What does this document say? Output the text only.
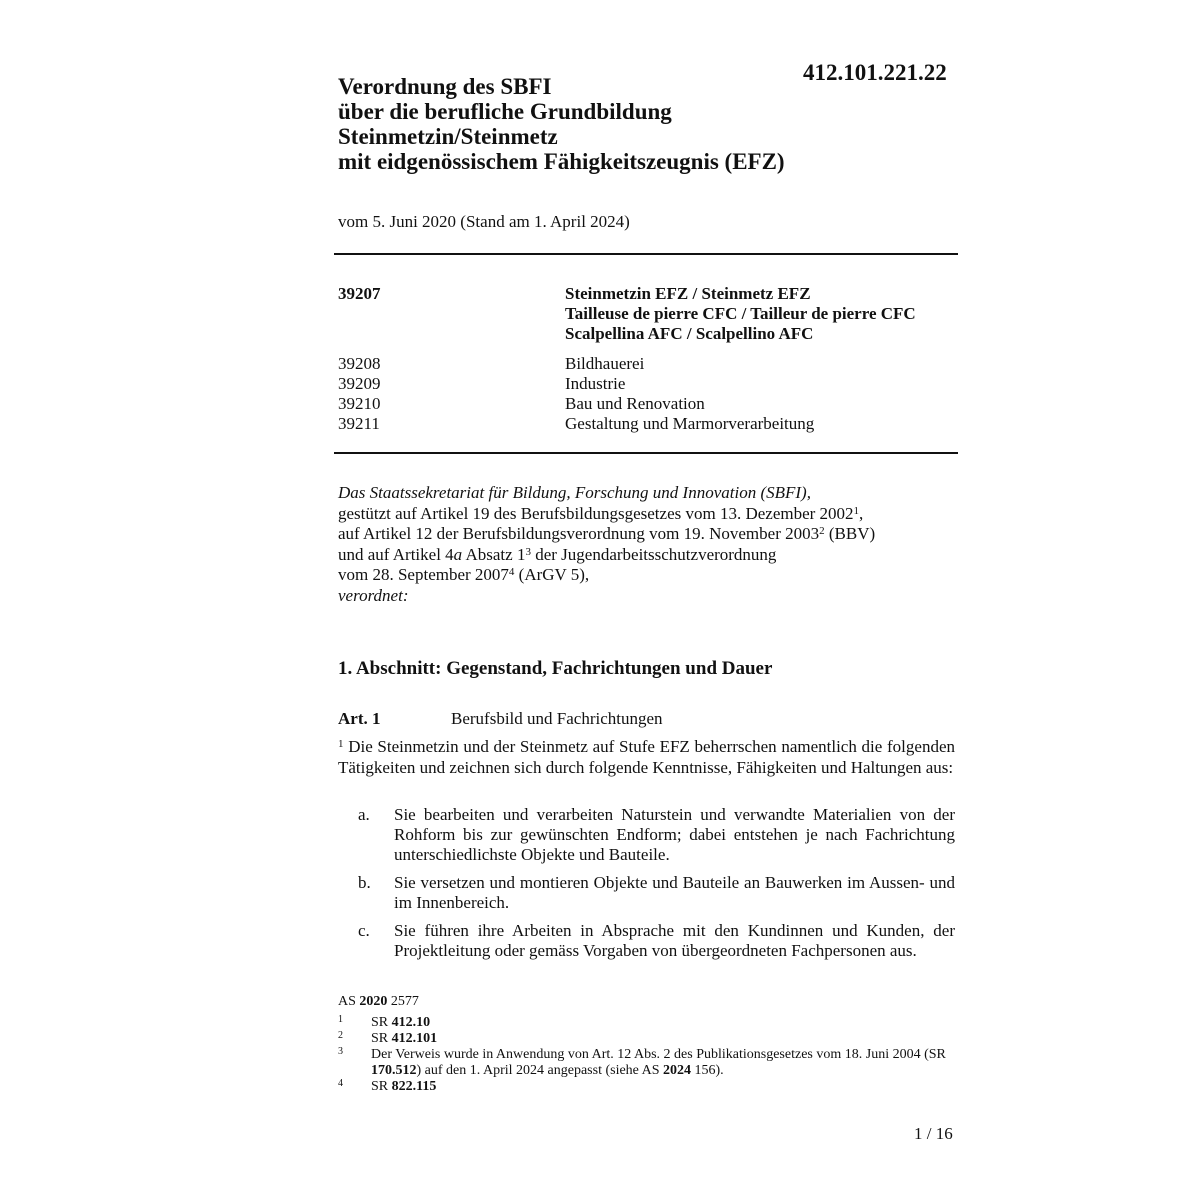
412.101.221.22
Verordnung des SBFI
über die berufliche Grundbildung
Steinmetzin/Steinmetz
mit eidgenössischem Fähigkeitszeugnis (EFZ)
vom 5. Juni 2020 (Stand am 1. April 2024)
39207	Steinmetzin EFZ / Steinmetz EFZ
Tailleuse de pierre CFC / Tailleur de pierre CFC
Scalpellina AFC / Scalpellino AFC
39208	Bildhauerei
39209	Industrie
39210	Bau und Renovation
39211	Gestaltung und Marmorverarbeitung
Das Staatssekretariat für Bildung, Forschung und Innovation (SBFI),
gestützt auf Artikel 19 des Berufsbildungsgesetzes vom 13. Dezember 2002$^1$,
auf Artikel 12 der Berufsbildungsverordnung vom 19. November 2003$^2$ (BBV)
und auf Artikel 4a Absatz $1^3$ der Jugendarbeitsschutzverordnung
vom 28. September 2007$^4$ (ArGV 5),
verordnet:
1. Abschnitt: Gegenstand, Fachrichtungen und Dauer
Art. 1	Berufsbild und Fachrichtungen
$^1$ Die Steinmetzin und der Steinmetz auf Stufe EFZ beherrschen namentlich die folgenden Tätigkeiten und zeichnen sich durch folgende Kenntnisse, Fähigkeiten und Haltungen aus:
a. Sie bearbeiten und verarbeiten Naturstein und verwandte Materialien von der Rohform bis zur gewünschten Endform; dabei entstehen je nach Fachrichtung unterschiedlichste Objekte und Bauteile.
b. Sie versetzen und montieren Objekte und Bauteile an Bauwerken im Aussen- und im Innenbereich.
c. Sie führen ihre Arbeiten in Absprache mit den Kundinnen und Kunden, der Projektleitung oder gemäss Vorgaben von übergeordneten Fachpersonen aus.
AS 2020 2577
1 SR 412.10
2 SR 412.101
3 Der Verweis wurde in Anwendung von Art. 12 Abs. 2 des Publikationsgesetzes vom 18. Juni 2004 (SR 170.512) auf den 1. April 2024 angepasst (siehe AS 2024 156).
4 SR 822.115
1 / 16
